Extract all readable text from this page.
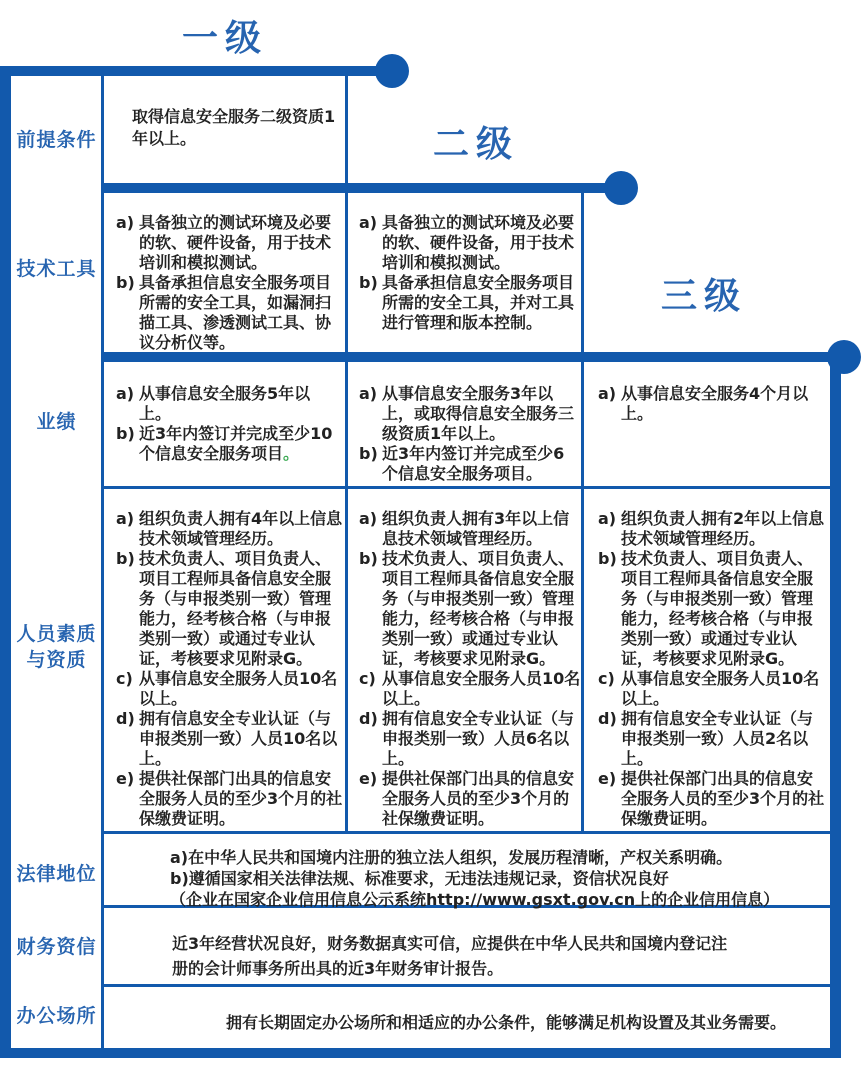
一级
二级
三级
前提条件
技术工具
业绩
人员素质
与资质
法律地位
财务资信
办公场所
取得信息安全服务二级资质1年以上。
a) 具备独立的测试环境及必要的软、硬件设备，用于技术培训和模拟测试。
b) 具备承担信息安全服务项目所需的安全工具，如漏洞扫描工具、渗透测试工具、协议分析仪等。
a) 具备独立的测试环境及必要的软、硬件设备，用于技术培训和模拟测试。
b) 具备承担信息安全服务项目所需的安全工具，并对工具进行管理和版本控制。
a) 从事信息安全服务5年以上。
b) 近3年内签订并完成至少10个信息安全服务项目。
a) 从事信息安全服务3年以上，或取得信息安全服务三级资质1年以上。
b) 近3年内签订并完成至少6个信息安全服务项目。
a) 从事信息安全服务4个月以上。
a) 组织负责人拥有4年以上信息技术领域管理经历。
b) 技术负责人、项目负责人、项目工程师具备信息安全服务（与申报类别一致）管理能力，经考核合格（与申报类别一致）或通过专业认证，考核要求见附录G。
c) 从事信息安全服务人员10名以上。
d) 拥有信息安全专业认证（与申报类别一致）人员10名以上。
e) 提供社保部门出具的信息安全服务人员的至少3个月的社保缴费证明。
a) 组织负责人拥有3年以上信息技术领域管理经历。
b) 技术负责人、项目负责人、项目工程师具备信息安全服务（与申报类别一致）管理能力，经考核合格（与申报类别一致）或通过专业认证，考核要求见附录G。
c) 从事信息安全服务人员10名以上。
d) 拥有信息安全专业认证（与申报类别一致）人员6名以上。
e) 提供社保部门出具的信息安全服务人员的至少3个月的社保缴费证明。
a) 组织负责人拥有2年以上信息技术领域管理经历。
b) 技术负责人、项目负责人、项目工程师具备信息安全服务（与申报类别一致）管理能力，经考核合格（与申报类别一致）或通过专业认证，考核要求见附录G。
c) 从事信息安全服务人员10名以上。
d) 拥有信息安全专业认证（与申报类别一致）人员2名以上。
e) 提供社保部门出具的信息安全服务人员的至少3个月的社保缴费证明。
a)在中华人民共和国境内注册的独立法人组织，发展历程清晰，产权关系明确。
b)遵循国家相关法律法规、标准要求，无违法违规记录，资信状况良好
（企业在国家企业信用信息公示系统http://www.gsxt.gov.cn上的企业信用信息）
近3年经营状况良好，财务数据真实可信，应提供在中华人民共和国境内登记注册的会计师事务所出具的近3年财务审计报告。
拥有长期固定办公场所和相适应的办公条件，能够满足机构设置及其业务需要。
